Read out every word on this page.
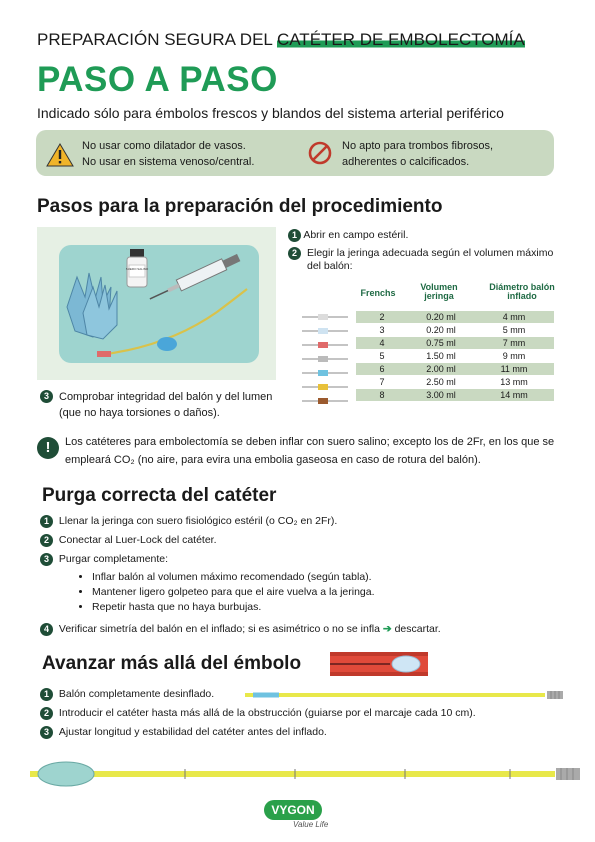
PREPARACIÓN SEGURA DEL CATÉTER DE EMBOLECTOMÍA
PASO A PASO
Indicado sólo para émbolos frescos y blandos del sistema arterial periférico
No usar como dilatador de vasos.
No usar en sistema venoso/central.
No apto para trombos fibrosos,
adherentes o calcificados.
Pasos para la preparación del procedimiento
SUERO SALINO
1 Abrir en campo estéril.
2 Elegir la jeringa adecuada según el volumen máximo del balón:
Frenchs
Volumen jeringa
Diámetro balón inflado
2	0.20 ml	4 mm
3	0.20 ml	5 mm
4	0.75 ml	7 mm
5	1.50 ml	9 mm
6	2.00 ml	11 mm
7	2.50 ml	13 mm
8	3.00 ml	14 mm
3 Comprobar integridad del balón y del lumen (que no haya torsiones o daños).
!	Los catéteres para embolectomía se deben inflar con suero salino; excepto los de 2Fr, en los que se empleará CO₂ (no aire, para evira una embolia gaseosa en caso de rotura del balón).
Purga correcta del catéter
1 Llenar la jeringa con suero fisiológico estéril (o CO₂ en 2Fr).
2 Conectar al Luer-Lock del catéter.
3 Purgar completamente:
• Inflar balón al volumen máximo recomendado (según tabla).
• Mantener ligero golpeteo para que el aire vuelva a la jeringa.
• Repetir hasta que no haya burbujas.
4 Verificar simetría del balón en el inflado; si es asimétrico o no se infla ➔ descartar.
Avanzar más allá del émbolo
1 Balón completamente desinflado.
2 Introducir el catéter hasta más allá de la obstrucción (guiarse por el marcaje cada 10 cm).
3 Ajustar longitud y estabilidad del catéter antes del inflado.
VYGON
Value Life
